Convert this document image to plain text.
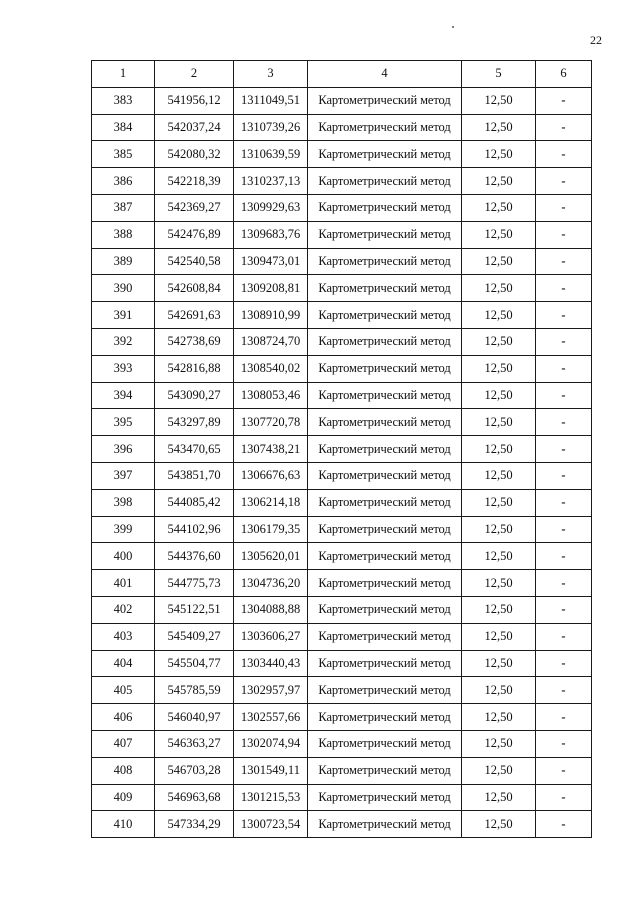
22
1	2	3	4	5	6
383	541956,12	1311049,51	Картометрический метод	12,50	-
384	542037,24	1310739,26	Картометрический метод	12,50	-
385	542080,32	1310639,59	Картометрический метод	12,50	-
386	542218,39	1310237,13	Картометрический метод	12,50	-
387	542369,27	1309929,63	Картометрический метод	12,50	-
388	542476,89	1309683,76	Картометрический метод	12,50	-
389	542540,58	1309473,01	Картометрический метод	12,50	-
390	542608,84	1309208,81	Картометрический метод	12,50	-
391	542691,63	1308910,99	Картометрический метод	12,50	-
392	542738,69	1308724,70	Картометрический метод	12,50	-
393	542816,88	1308540,02	Картометрический метод	12,50	-
394	543090,27	1308053,46	Картометрический метод	12,50	-
395	543297,89	1307720,78	Картометрический метод	12,50	-
396	543470,65	1307438,21	Картометрический метод	12,50	-
397	543851,70	1306676,63	Картометрический метод	12,50	-
398	544085,42	1306214,18	Картометрический метод	12,50	-
399	544102,96	1306179,35	Картометрический метод	12,50	-
400	544376,60	1305620,01	Картометрический метод	12,50	-
401	544775,73	1304736,20	Картометрический метод	12,50	-
402	545122,51	1304088,88	Картометрический метод	12,50	-
403	545409,27	1303606,27	Картометрический метод	12,50	-
404	545504,77	1303440,43	Картометрический метод	12,50	-
405	545785,59	1302957,97	Картометрический метод	12,50	-
406	546040,97	1302557,66	Картометрический метод	12,50	-
407	546363,27	1302074,94	Картометрический метод	12,50	-
408	546703,28	1301549,11	Картометрический метод	12,50	-
409	546963,68	1301215,53	Картометрический метод	12,50	-
410	547334,29	1300723,54	Картометрический метод	12,50	-
